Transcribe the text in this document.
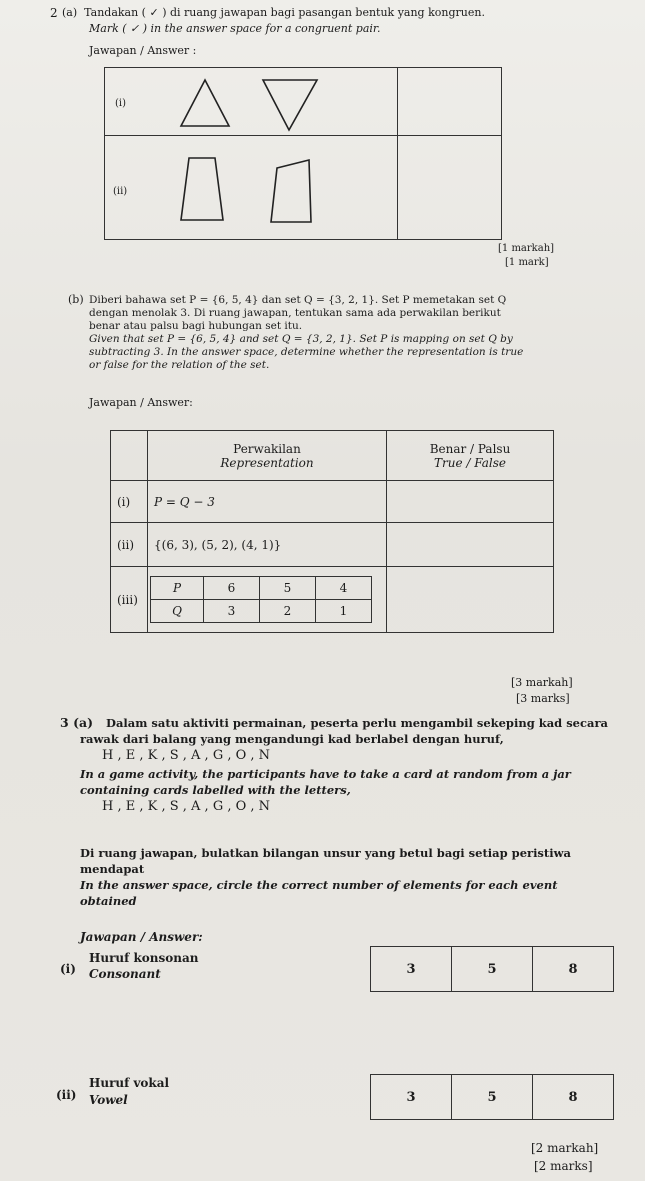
2 (a) Tandakan ( ✓ ) di ruang jawapan bagi pasangan bentuk yang kongruen.
Mark ( ✓ ) in the answer space for a congruent pair.
Jawapan / Answer :
(i)	

(ii)	

[1 markah]
[1 mark]
(b) Diberi bahawa set P = {6, 5, 4} dan set Q = {3, 2, 1}. Set P memetakan set Q
dengan menolak 3. Di ruang jawapan, tentukan sama ada perwakilan berikut
benar atau palsu bagi hubungan set itu.
Given that set P = {6, 5, 4} and set Q = {3, 2, 1}. Set P is mapping on set Q by
subtracting 3. In the answer space, determine whether the representation is true
or false for the relation of the set.
Jawapan / Answer:

Perwakilan
Representation

Benar / Palsu
True / False

(i)	P = Q − 3	
(ii)	{(6, 3), (5, 2), (4, 1)}	
(iii)	
P	6	5	4
Q	3	2	1

[3 markah]
[3 marks]
3 (a) Dalam satu aktiviti permainan, peserta perlu mengambil sekeping kad secara
rawak dari balang yang mengandungi kad berlabel dengan huruf,
H , E , K , S , A , G , O , N
In a game activity, the participants have to take a card at random from a jar
containing cards labelled with the letters,
H , E , K , S , A , G , O , N
Di ruang jawapan, bulatkan bilangan unsur yang betul bagi setiap peristiwa
mendapat
In the answer space, circle the correct number of elements for each event
obtained
Jawapan / Answer:
(i)
Huruf konsonan
Consonant	3	5	8
(ii)
Huruf vokal
Vowel	3	5	8
[2 markah]
[2 marks]
